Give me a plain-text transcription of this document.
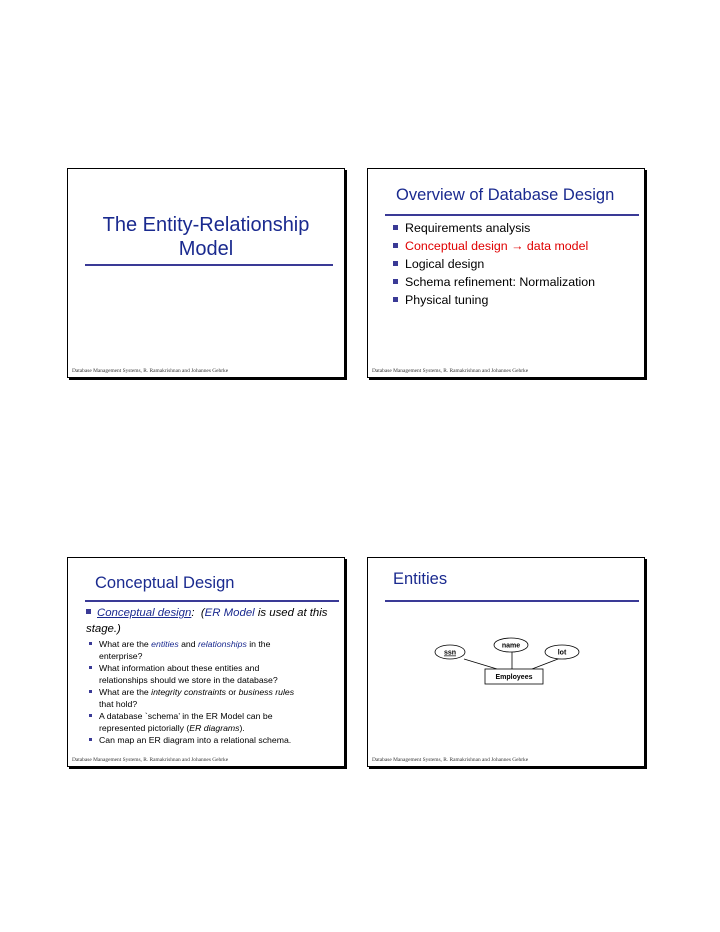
The Entity-Relationship
Model
Database Management Systems, R. Ramakrishnan and Johannes Gehrke
Overview of Database Design
Requirements analysis
Conceptual design → data model
Logical design
Schema refinement: Normalization
Physical tuning
Database Management Systems, R. Ramakrishnan and Johannes Gehrke
Conceptual Design
Conceptual design: (ER Model is used at this stage.)
What are the entities and relationships in the
enterprise?
What information about these entities and
relationships should we store in the database?
What are the integrity constraints or business rules
that hold?
A database `schema’ in the ER Model can be
represented pictorially (ER diagrams).
Can map an ER diagram into a relational schema.
Database Management Systems, R. Ramakrishnan and Johannes Gehrke
Entities
ssn
name
lot
Employees
Database Management Systems, R. Ramakrishnan and Johannes Gehrke
